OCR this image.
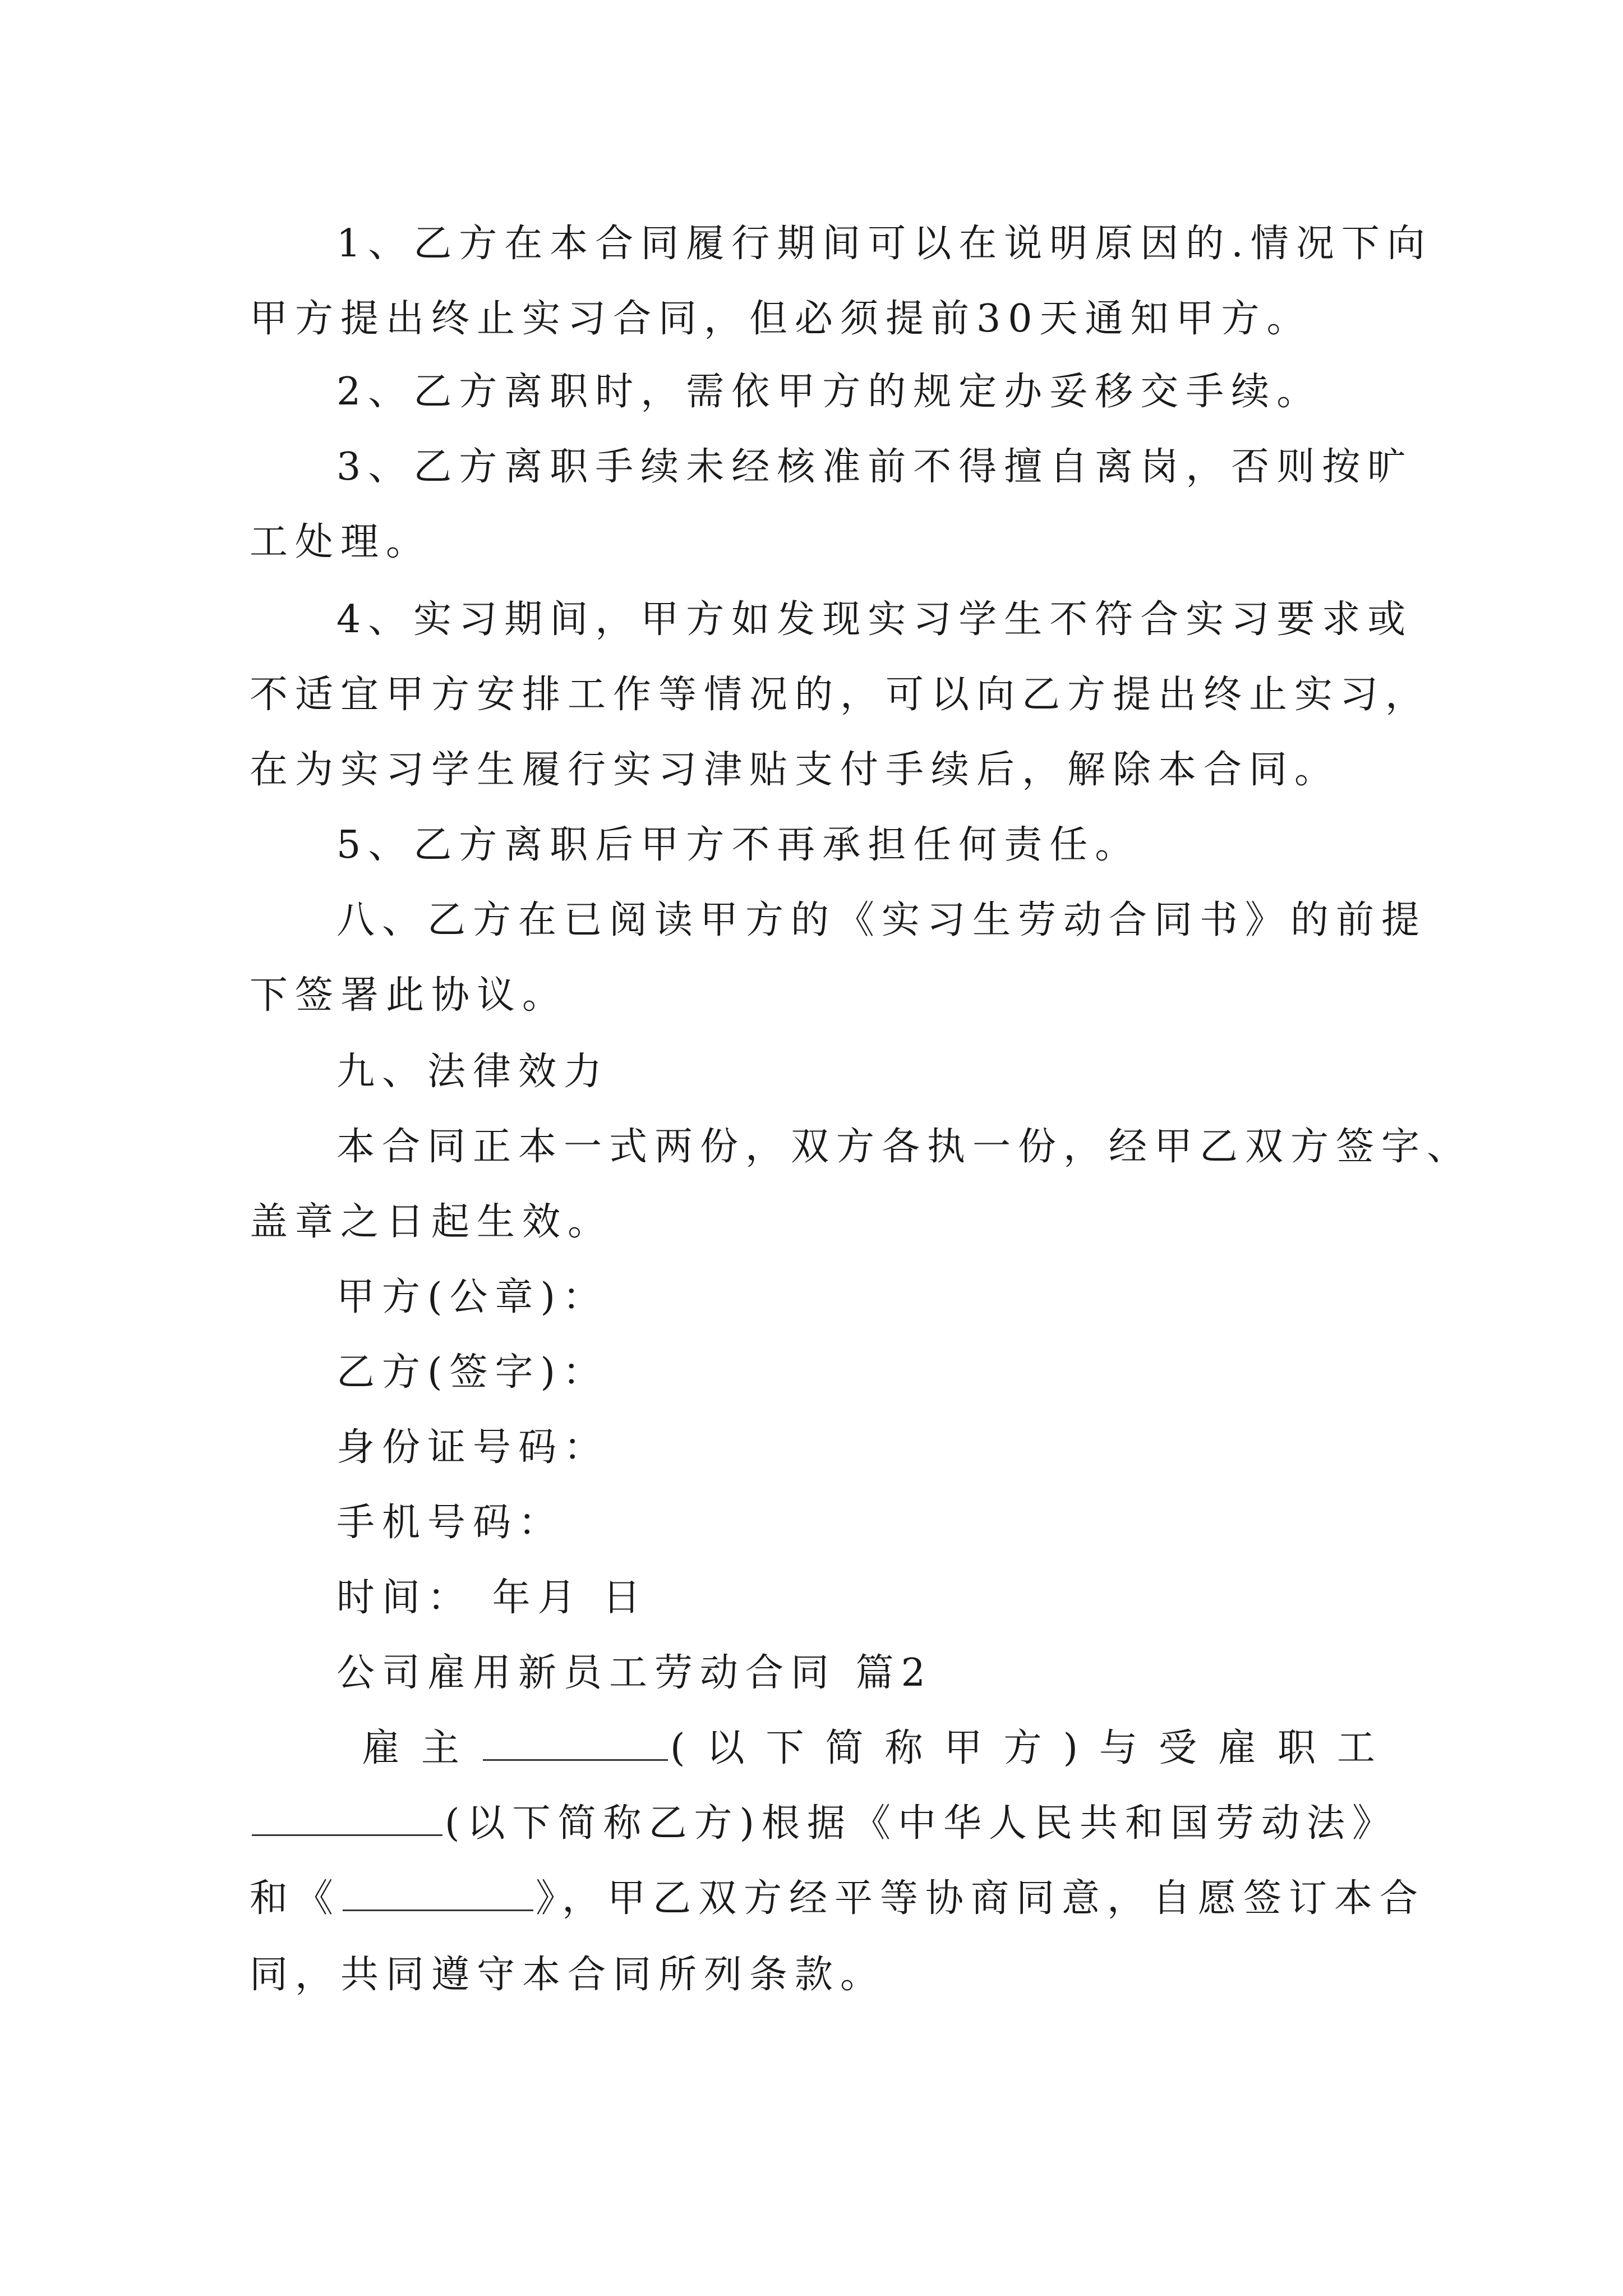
1、乙方在本合同履行期间可以在说明原因的.情况下向

甲方提出终止实习合同，但必须提前30天通知甲方。

2、乙方离职时，需依甲方的规定办妥移交手续。

3、乙方离职手续未经核准前不得擅自离岗，否则按旷

工处理。

4、实习期间，甲方如发现实习学生不符合实习要求或

不适宜甲方安排工作等情况的，可以向乙方提出终止实习，

在为实习学生履行实习津贴支付手续后，解除本合同。

5、乙方离职后甲方不再承担任何责任。

八、乙方在已阅读甲方的《实习生劳动合同书》的前提

下签署此协议。

九、法律效力

本合同正本一式两份，双方各执一份，经甲乙双方签字、

盖章之日起生效。

甲方(公章)：

乙方(签字)：

身份证号码：

手机号码：

时间： 年月 日

公司雇用新员工劳动合同 篇2

雇主	(以下简称甲方)与受雇职工

(以下简称乙方)根据《中华人民共和国劳动法》

和《	》，甲乙双方经平等协商同意，自愿签订本合

同，共同遵守本合同所列条款。
